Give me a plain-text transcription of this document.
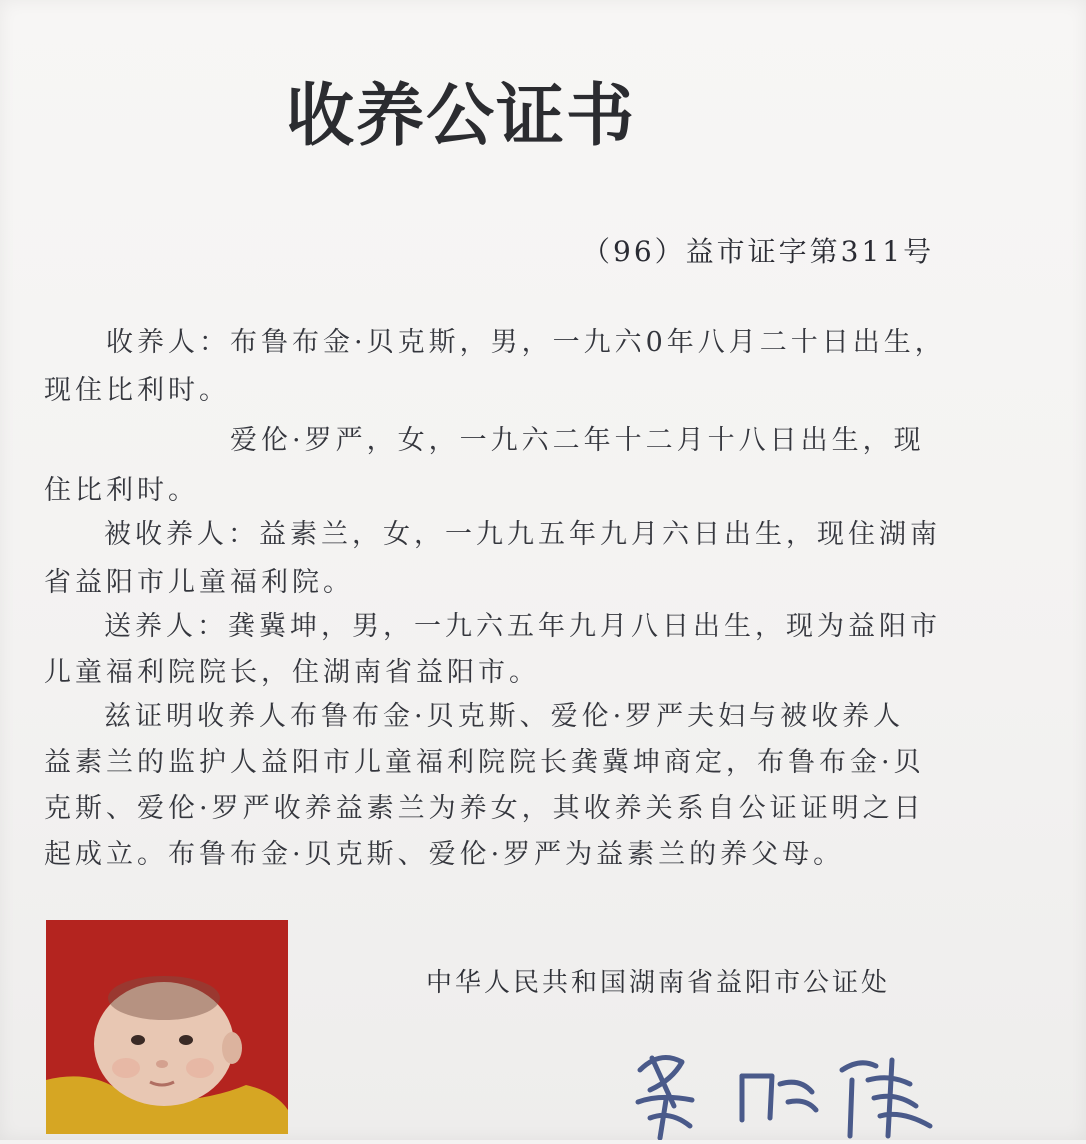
收养公证书
（96）益市证字第311号
收养人：布鲁布金·贝克斯，男，一九六0年八月二十日出生，
现住比利时。
爱伦·罗严，女，一九六二年十二月十八日出生，现
住比利时。
被收养人：益素兰，女，一九九五年九月六日出生，现住湖南
省益阳市儿童福利院。
送养人：龚冀坤，男，一九六五年九月八日出生，现为益阳市
儿童福利院院长，住湖南省益阳市。
兹证明收养人布鲁布金·贝克斯、爱伦·罗严夫妇与被收养人
益素兰的监护人益阳市儿童福利院院长龚冀坤商定，布鲁布金·贝
克斯、爱伦·罗严收养益素兰为养女，其收养关系自公证证明之日
起成立。布鲁布金·贝克斯、爱伦·罗严为益素兰的养父母。
中华人民共和国湖南省益阳市公证处
